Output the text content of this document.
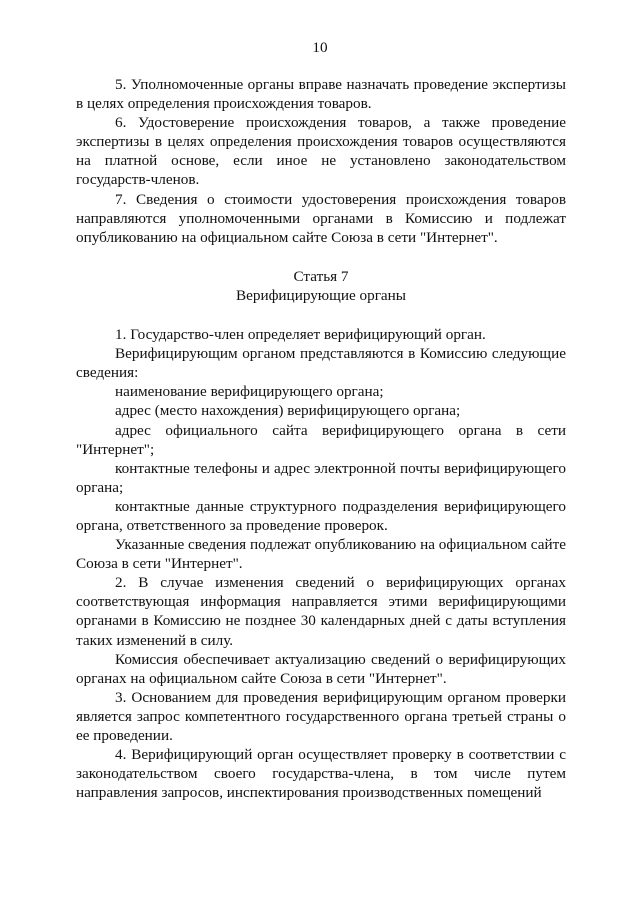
10

5. Уполномоченные органы вправе назначать проведение экспертизы в целях определения происхождения товаров.

6. Удостоверение происхождения товаров, а также проведение экспертизы в целях определения происхождения товаров осуществляются на платной основе, если иное не установлено законодательством государств-членов.

7. Сведения о стоимости удостоверения происхождения товаров направляются уполномоченными органами в Комиссию и подлежат опубликованию на официальном сайте Союза в сети "Интернет".

Статья 7

Верифицирующие органы

1. Государство-член определяет верифицирующий орган.

Верифицирующим органом представляются в Комиссию следующие сведения:

наименование верифицирующего органа;

адрес (место нахождения) верифицирующего органа;

адрес официального сайта верифицирующего органа в сети "Интернет";

контактные телефоны и адрес электронной почты верифицирующего органа;

контактные данные структурного подразделения верифицирующего органа, ответственного за проведение проверок.

Указанные сведения подлежат опубликованию на официальном сайте Союза в сети "Интернет".

2. В случае изменения сведений о верифицирующих органах соответствующая информация направляется этими верифицирующими органами в Комиссию не позднее 30 календарных дней с даты вступления таких изменений в силу.

Комиссия обеспечивает актуализацию сведений о верифицирующих органах на официальном сайте Союза в сети "Интернет".

3. Основанием для проведения верифицирующим органом проверки является запрос компетентного государственного органа третьей страны о ее проведении.

4. Верифицирующий орган осуществляет проверку в соответствии с законодательством своего государства-члена, в том числе путем направления запросов, инспектирования производственных помещений
